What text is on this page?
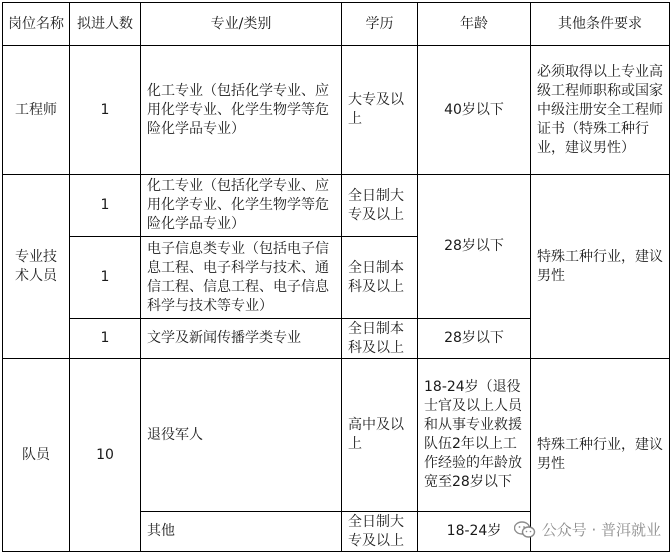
岗位名称	拟进人数	专业/类别	学历	年龄	其他条件要求
工程师	1	化工专业（包括化学专业、应用化学专业、化学生物学等危险化学品专业）	大专及以上	40岁以下	必须取得以上专业高级工程师职称或国家中级注册安全工程师证书（特殊工种行业，建议男性）
专业技术人员	1	化工专业（包括化学专业、应用化学专业、化学生物学等危险化学品专业）	全日制大专及以上	28岁以下	特殊工种行业，建议男性
	1	电子信息类专业（包括电子信息工程、电子科学与技术、通信工程、信息工程、电子信息科学与技术等专业）	全日制本科及以上		
	1	文学及新闻传播学类专业	全日制本科及以上	28岁以下	
队员	10	退役军人	高中及以上	18-24岁（退役士官及以上人员和从事专业救援队伍2年以上工作经验的年龄放宽至28岁以下	特殊工种行业，建议男性
		其他	全日制大专及以上	18-24岁		公众号 · 普洱就业
